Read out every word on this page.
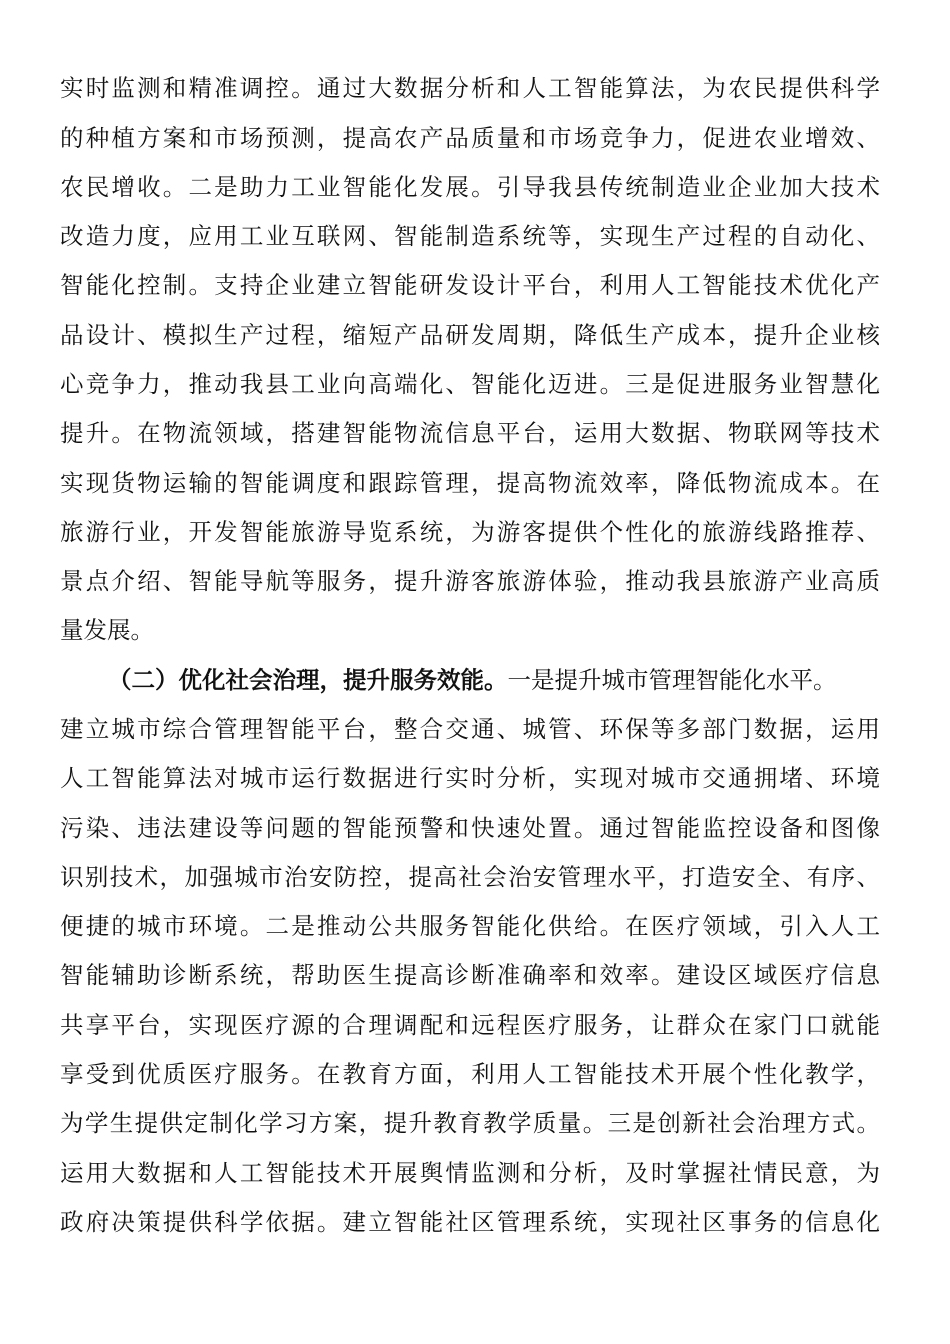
实时监测和精准调控。通过大数据分析和人工智能算法，为农民提供科学
的种植方案和市场预测，提高农产品质量和市场竞争力，促进农业增效、
农民增收。二是助力工业智能化发展。引导我县传统制造业企业加大技术
改造力度，应用工业互联网、智能制造系统等，实现生产过程的自动化、
智能化控制。支持企业建立智能研发设计平台，利用人工智能技术优化产
品设计、模拟生产过程，缩短产品研发周期，降低生产成本，提升企业核
心竞争力，推动我县工业向高端化、智能化迈进。三是促进服务业智慧化
提升。在物流领域，搭建智能物流信息平台，运用大数据、物联网等技术
实现货物运输的智能调度和跟踪管理，提高物流效率，降低物流成本。在
旅游行业，开发智能旅游导览系统，为游客提供个性化的旅游线路推荐、
景点介绍、智能导航等服务，提升游客旅游体验，推动我县旅游产业高质
量发展。
（二）优化社会治理，提升服务效能。一是提升城市管理智能化水平。
建立城市综合管理智能平台，整合交通、城管、环保等多部门数据，运用
人工智能算法对城市运行数据进行实时分析，实现对城市交通拥堵、环境
污染、违法建设等问题的智能预警和快速处置。通过智能监控设备和图像
识别技术，加强城市治安防控，提高社会治安管理水平，打造安全、有序、
便捷的城市环境。二是推动公共服务智能化供给。在医疗领域，引入人工
智能辅助诊断系统，帮助医生提高诊断准确率和效率。建设区域医疗信息
共享平台，实现医疗源的合理调配和远程医疗服务，让群众在家门口就能
享受到优质医疗服务。在教育方面，利用人工智能技术开展个性化教学，
为学生提供定制化学习方案，提升教育教学质量。三是创新社会治理方式。
运用大数据和人工智能技术开展舆情监测和分析，及时掌握社情民意，为
政府决策提供科学依据。建立智能社区管理系统，实现社区事务的信息化
